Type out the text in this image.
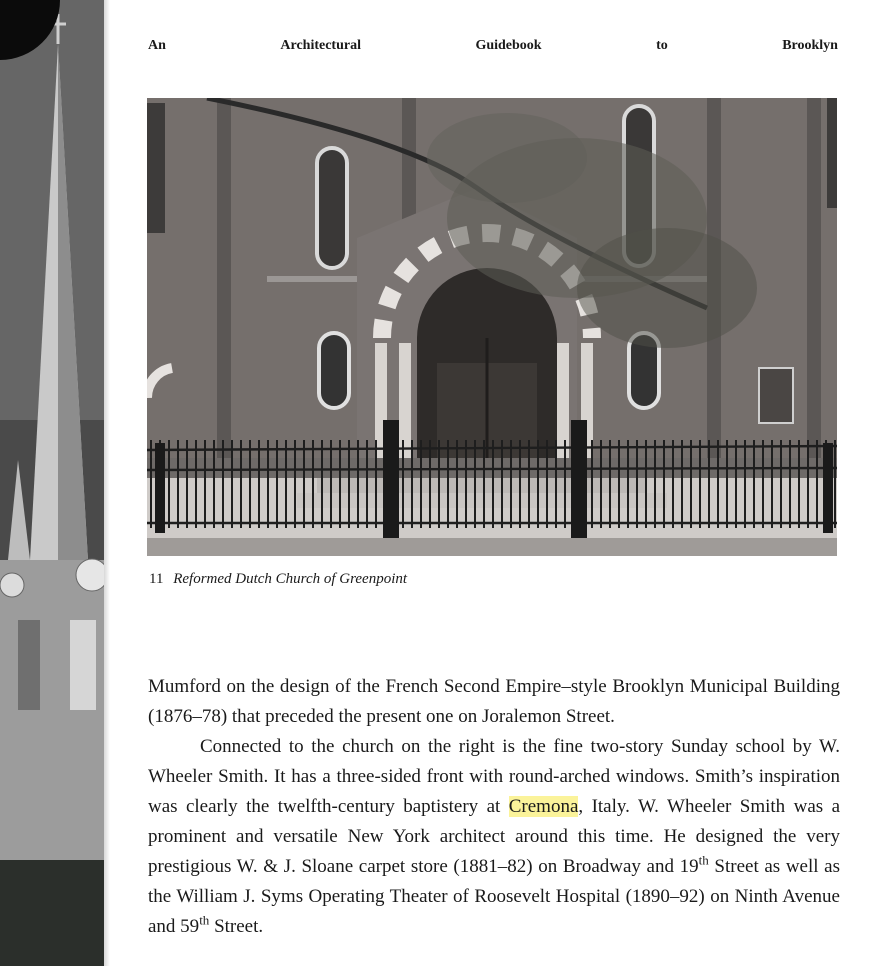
An	Architectural	Guidebook	to	Brooklyn
11 Reformed Dutch Church of Greenpoint

Mumford on the design of the French Second Empire–style Brooklyn Municipal Building (1876–78) that preceded the present one on Joralemon Street.

Connected to the church on the right is the fine two-story Sunday school by W. Wheeler Smith. It has a three-sided front with round-arched windows. Smith’s inspiration was clearly the twelfth-century baptistery at Cremona, Italy. W. Wheeler Smith was a prominent and versatile New York architect around this time. He designed the very prestigious W. & J. Sloane carpet store (1881–82) on Broadway and 19th Street as well as the William J. Syms Operating Theater of Roosevelt Hospital (1890–92) on Ninth Avenue and 59th Street.
